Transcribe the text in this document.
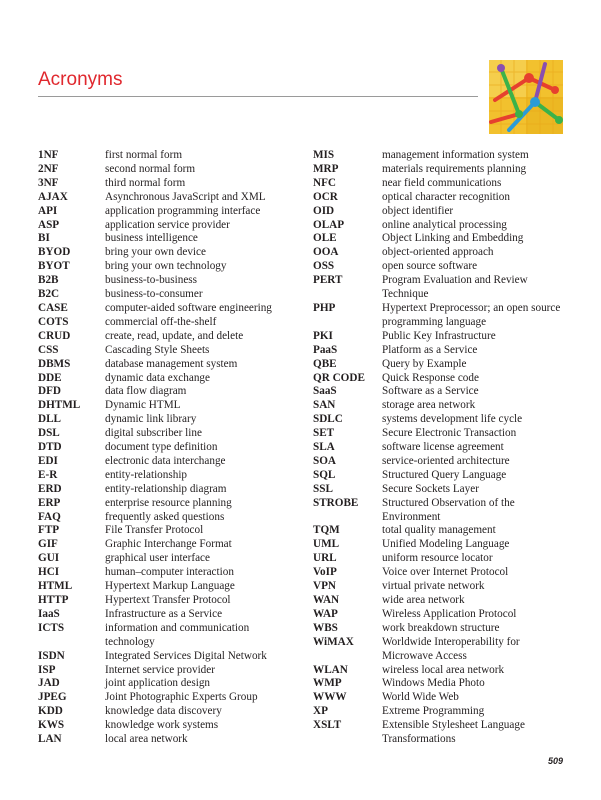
Acronyms
1NF	first normal form
2NF	second normal form
3NF	third normal form
AJAX	Asynchronous JavaScript and XML
API	application programming interface
ASP	application service provider
BI	business intelligence
BYOD	bring your own device
BYOT	bring your own technology
B2B	business-to-business
B2C	business-to-consumer
CASE	computer-aided software engineering
COTS	commercial off-the-shelf
CRUD	create, read, update, and delete
CSS	Cascading Style Sheets
DBMS	database management system
DDE	dynamic data exchange
DFD	data flow diagram
DHTML	Dynamic HTML
DLL	dynamic link library
DSL	digital subscriber line
DTD	document type definition
EDI	electronic data interchange
E-R	entity-relationship
ERD	entity-relationship diagram
ERP	enterprise resource planning
FAQ	frequently asked questions
FTP	File Transfer Protocol
GIF	Graphic Interchange Format
GUI	graphical user interface
HCI	human–computer interaction
HTML	Hypertext Markup Language
HTTP	Hypertext Transfer Protocol
IaaS	Infrastructure as a Service
ICTS	information and communication technology
ISDN	Integrated Services Digital Network
ISP	Internet service provider
JAD	joint application design
JPEG	Joint Photographic Experts Group
KDD	knowledge data discovery
KWS	knowledge work systems
LAN	local area network
MIS	management information system
MRP	materials requirements planning
NFC	near field communications
OCR	optical character recognition
OID	object identifier
OLAP	online analytical processing
OLE	Object Linking and Embedding
OOA	object-oriented approach
OSS	open source software
PERT	Program Evaluation and Review Technique
PHP	Hypertext Preprocessor; an open source programming language
PKI	Public Key Infrastructure
PaaS	Platform as a Service
QBE	Query by Example
QR CODE	Quick Response code
SaaS	Software as a Service
SAN	storage area network
SDLC	systems development life cycle
SET	Secure Electronic Transaction
SLA	software license agreement
SOA	service-oriented architecture
SQL	Structured Query Language
SSL	Secure Sockets Layer
STROBE	Structured Observation of the Environment
TQM	total quality management
UML	Unified Modeling Language
URL	uniform resource locator
VoIP	Voice over Internet Protocol
VPN	virtual private network
WAN	wide area network
WAP	Wireless Application Protocol
WBS	work breakdown structure
WiMAX	Worldwide Interoperability for Microwave Access
WLAN	wireless local area network
WMP	Windows Media Photo
WWW	World Wide Web
XP	Extreme Programming
XSLT	Extensible Stylesheet Language Transformations
509
